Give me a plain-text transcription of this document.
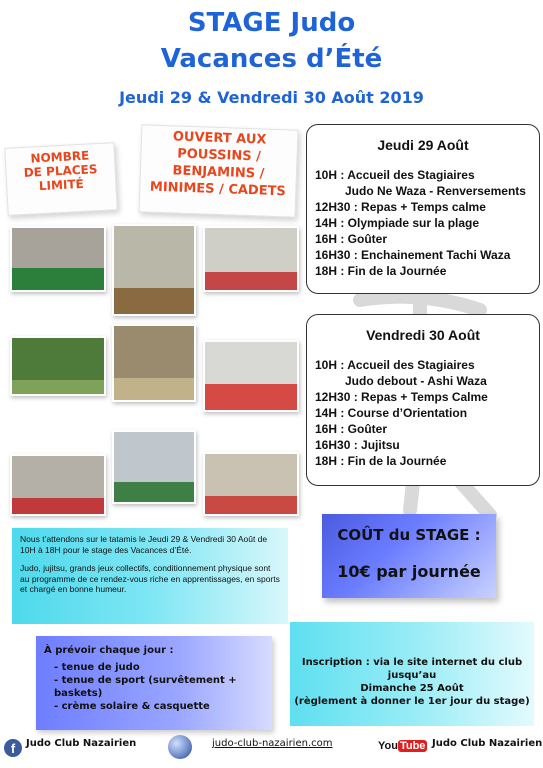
STAGE Judo
Vacances d’Été
Jeudi 29 & Vendredi 30 Août 2019
NOMBRE
DE PLACES
LIMITÉ
OUVERT AUX
POUSSINS /
BENJAMINS /
MINIMES / CADETS
Jeudi 29 Août
10H : Accueil des Stagiaires
Judo Ne Waza - Renversements
12H30 : Repas + Temps calme
14H : Olympiade sur la plage
16H : Goûter
16H30 : Enchainement Tachi Waza
18H : Fin de la Journée
Vendredi 30 Août
10H : Accueil des Stagiaires
Judo debout - Ashi Waza
12H30 : Repas + Temps Calme
14H : Course d’Orientation
16H : Goûter
16H30 : Jujitsu
18H : Fin de la Journée
COÛT du STAGE :
10€ par journée

Nous t’attendons sur le tatamis le Jeudi 29 & Vendredi 30 Août de 10H à 18H pour le stage des Vacances d’Été.

Judo, jujitsu, grands jeux collectifs, conditionnement physique sont au programme de ce rendez-vous riche en apprentissages, en sports et chargé en bonne humeur.

À prévoir chaque jour :
- tenue de judo
- tenue de sport (survêtement + baskets)
- crème solaire & casquette
Inscription : via le site internet du club jusqu’au
Dimanche 25 Août
(règlement à donner le 1er jour du stage)
f	Judo Club Nazairien	judo-club-nazairien.com	You Tube Judo Club Nazairien
